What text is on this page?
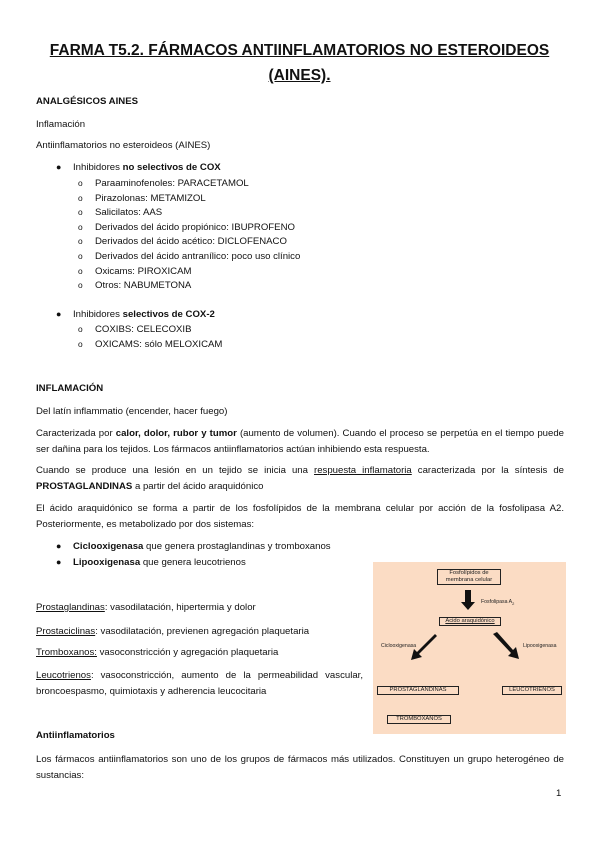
FARMA T5.2. FÁRMACOS ANTIINFLAMATORIOS NO ESTEROIDEOS (AINES).
ANALGÉSICOS AINES
Inflamación
Antiinflamatorios no esteroideos (AINES)
● Inhibidores no selectivos de COX
o Paraaminofenoles: PARACETAMOL
o Pirazolonas: METAMIZOL
o Salicilatos: AAS
o Derivados del ácido propiónico: IBUPROFENO
o Derivados del ácido acético: DICLOFENACO
o Derivados del ácido antranílico: poco uso clínico
o Oxicams: PIROXICAM
o Otros: NABUMETONA
● Inhibidores selectivos de COX-2
o COXIBS: CELECOXIB
o OXICAMS: sólo MELOXICAM
INFLAMACIÓN
Del latín inflammatio (encender, hacer fuego)
Caracterizada por calor, dolor, rubor y tumor (aumento de volumen). Cuando el proceso se perpetúa en el tiempo puede ser dañina para los tejidos. Los fármacos antiinflamatorios actúan inhibiendo esta respuesta.
Cuando se produce una lesión en un tejido se inicia una respuesta inflamatoria caracterizada por la síntesis de PROSTAGLANDINAS a partir del ácido araquidónico
El ácido araquidónico se forma a partir de los fosfolípidos de la membrana celular por acción de la fosfolipasa A2. Posteriormente, es metabolizado por dos sistemas:
● Ciclooxigenasa que genera prostaglandinas y tromboxanos
● Lipooxigenasa que genera leucotrienos
Prostaglandinas: vasodilatación, hipertermia y dolor
Prostaciclinas: vasodilatación, previenen agregación plaquetaria
Tromboxanos: vasoconstricción y agregación plaquetaria
Leucotrienos: vasoconstricción, aumento de la permeabilidad vascular, broncoespasmo, quimiotaxis y adherencia leucocitaria
Fosfolípidos de membrana celular
Fosfolipasa $A_2$
Ácido araquidónico
Ciclooxigenasa	Lipooxigenasa
PROSTAGLANDINAS	LEUCOTRIENOS
TROMBOXANOS
Antiinflamatorios
Los fármacos antiinflamatorios son uno de los grupos de fármacos más utilizados. Constituyen un grupo heterogéneo de sustancias:
1
